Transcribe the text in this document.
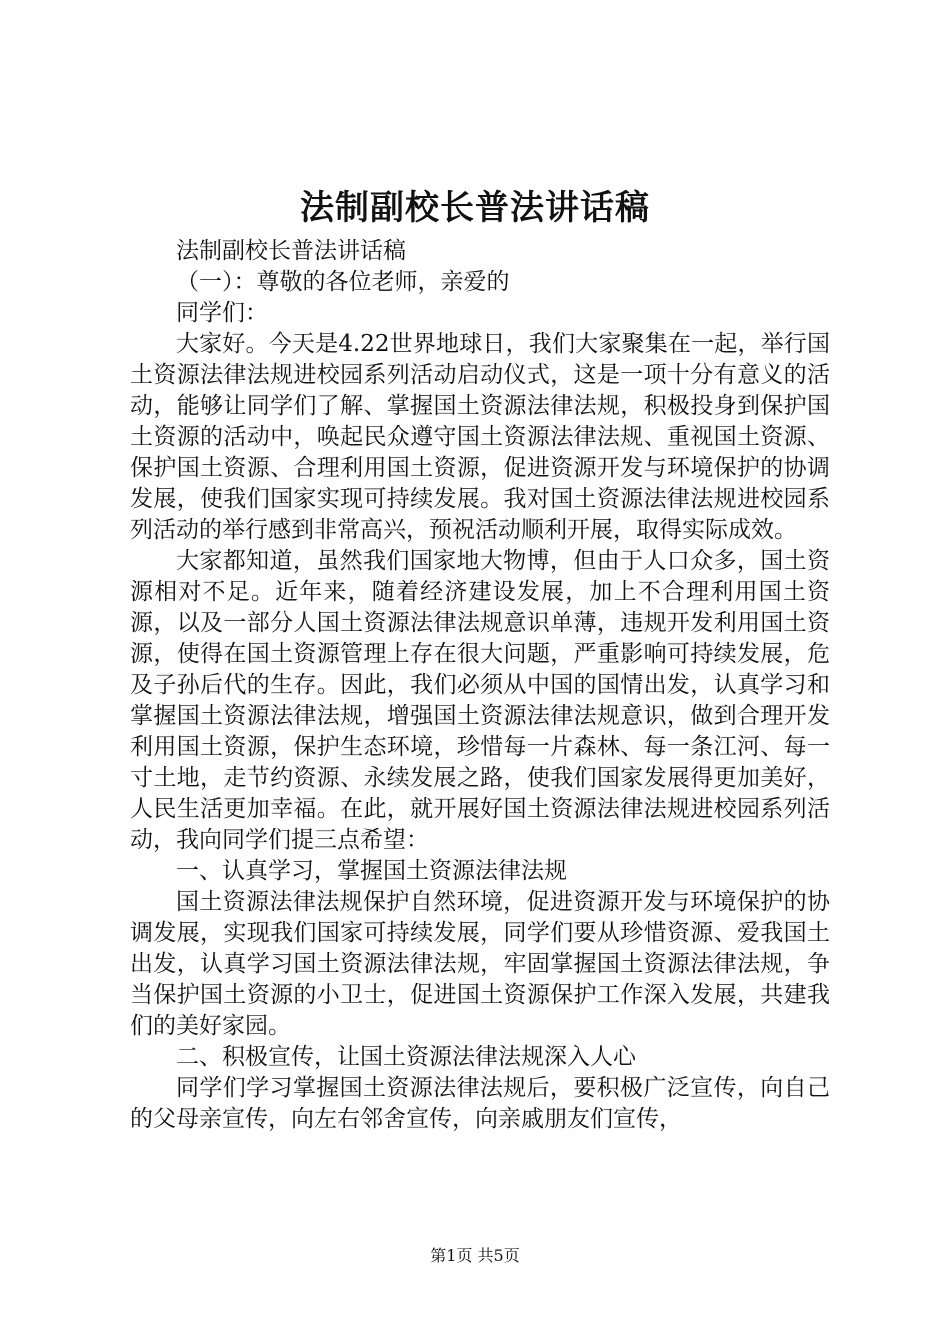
法制副校长普法讲话稿

法制副校长普法讲话稿

（一）：尊敬的各位老师，亲爱的

同学们：

大家好。今天是4.22世界地球日，我们大家聚集在一起，举行国土资源法律法规进校园系列活动启动仪式，这是一项十分有意义的活动，能够让同学们了解、掌握国土资源法律法规，积极投身到保护国土资源的活动中，唤起民众遵守国土资源法律法规、重视国土资源、保护国土资源、合理利用国土资源，促进资源开发与环境保护的协调发展，使我们国家实现可持续发展。我对国土资源法律法规进校园系列活动的举行感到非常高兴，预祝活动顺利开展，取得实际成效。

大家都知道，虽然我们国家地大物博，但由于人口众多，国土资源相对不足。近年来，随着经济建设发展，加上不合理利用国土资源，以及一部分人国土资源法律法规意识单薄，违规开发利用国土资源，使得在国土资源管理上存在很大问题，严重影响可持续发展，危及子孙后代的生存。因此，我们必须从中国的国情出发，认真学习和掌握国土资源法律法规，增强国土资源法律法规意识，做到合理开发利用国土资源，保护生态环境，珍惜每一片森林、每一条江河、每一寸土地，走节约资源、永续发展之路，使我们国家发展得更加美好，人民生活更加幸福。在此，就开展好国土资源法律法规进校园系列活动，我向同学们提三点希望：

一、认真学习，掌握国土资源法律法规

国土资源法律法规保护自然环境，促进资源开发与环境保护的协调发展，实现我们国家可持续发展，同学们要从珍惜资源、爱我国土出发，认真学习国土资源法律法规，牢固掌握国土资源法律法规，争当保护国土资源的小卫士，促进国土资源保护工作深入发展，共建我们的美好家园。

二、积极宣传，让国土资源法律法规深入人心

同学们学习掌握国土资源法律法规后，要积极广泛宣传，向自己的父母亲宣传，向左右邻舍宣传，向亲戚朋友们宣传，

第1页 共5页
